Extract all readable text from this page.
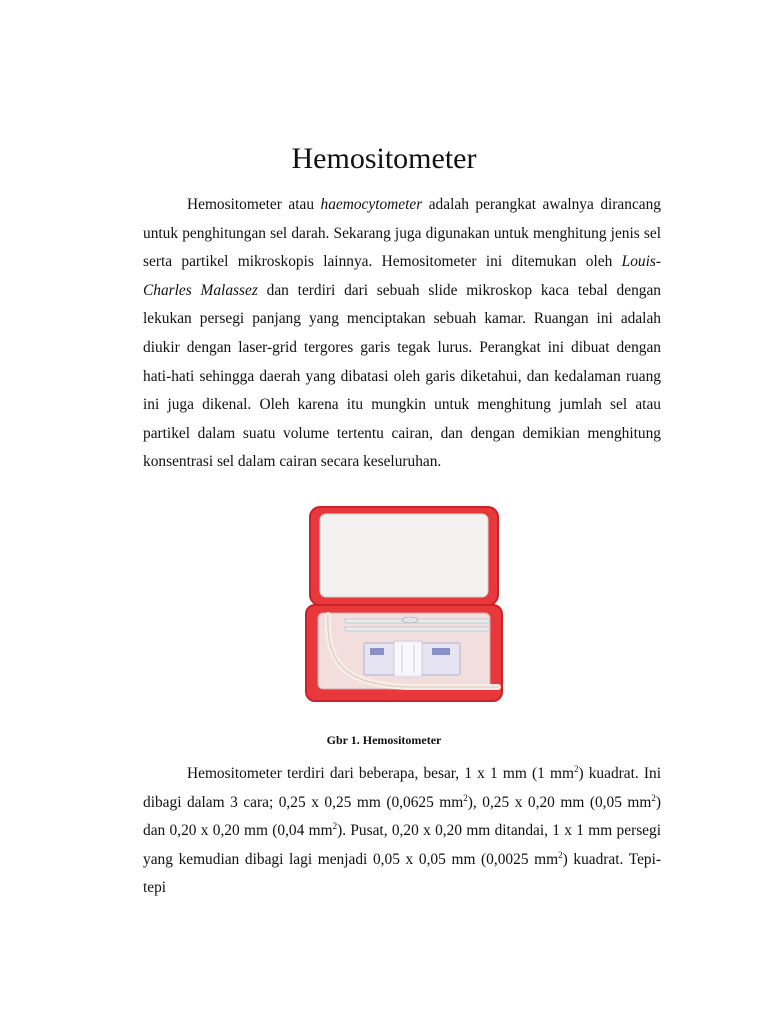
Hemositometer

Hemositometer atau haemocytometer adalah perangkat awalnya dirancang untuk penghitungan sel darah. Sekarang juga digunakan untuk menghitung jenis sel serta partikel mikroskopis lainnya. Hemositometer ini ditemukan oleh Louis-Charles Malassez dan terdiri dari sebuah slide mikroskop kaca tebal dengan lekukan persegi panjang yang menciptakan sebuah kamar. Ruangan ini adalah diukir dengan laser-grid tergores garis tegak lurus. Perangkat ini dibuat dengan hati-hati sehingga daerah yang dibatasi oleh garis diketahui, dan kedalaman ruang ini juga dikenal. Oleh karena itu mungkin untuk menghitung jumlah sel atau partikel dalam suatu volume tertentu cairan, dan dengan demikian menghitung konsentrasi sel dalam cairan secara keseluruhan.

Gbr 1. Hemositometer

Hemositometer terdiri dari beberapa, besar, 1 x 1 mm (1 $mm^2$) kuadrat. Ini dibagi dalam 3 cara; 0,25 x 0,25 mm (0,0625 $mm^2$), 0,25 x 0,20 mm (0,05 $mm^2$) dan 0,20 x 0,20 mm (0,04 $mm^2$). Pusat, 0,20 x 0,20 mm ditandai, 1 x 1 mm persegi yang kemudian dibagi lagi menjadi 0,05 x 0,05 mm (0,0025 $mm^2$) kuadrat. Tepi-tepi
